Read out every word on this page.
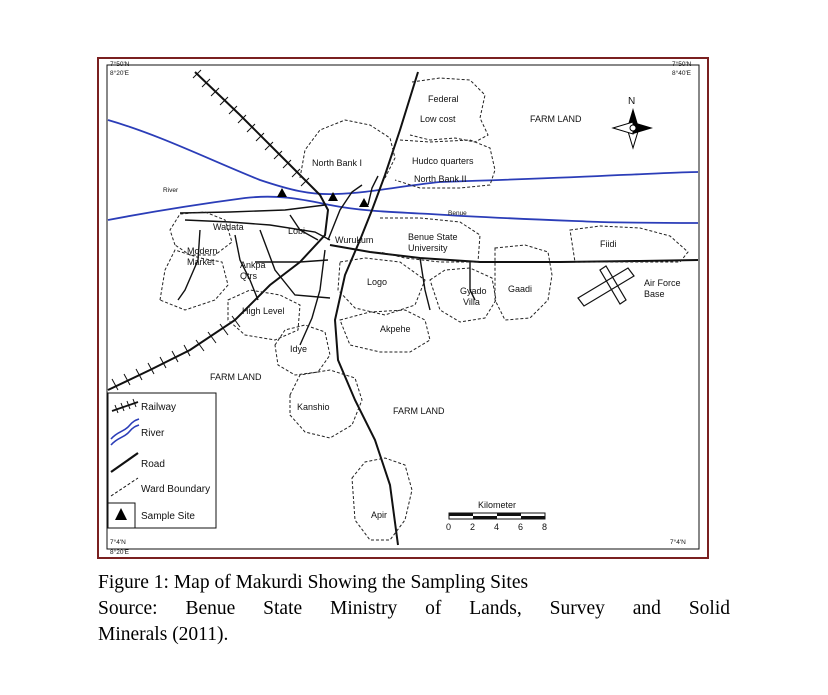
7°50'N
8°20'E
7°50'N
8°40'E
7°4'N
8°20'E
7°4'N
N
Federal
Low cost	FARM LAND
North Bank I	Hudco quarters
North Bank II
River
Benue
Wadata	Lobi
Wurukum	Benue State
University	Fiidi
Modern
Market	Ankpa
Qtrs
Logo
Gyado
Villa
Gaadi
Air Force
Base
High Level
Akpehe
Idye
FARM LAND
Kanshio	FARM LAND
Apir
Kilometer
0 2 4 6 8
Railway
River
Road
Ward Boundary
Sample Site
Figure 1: Map of Makurdi Showing the Sampling Sites
Source: Benue State Ministry of Lands, Survey and Solid
Minerals (2011).
